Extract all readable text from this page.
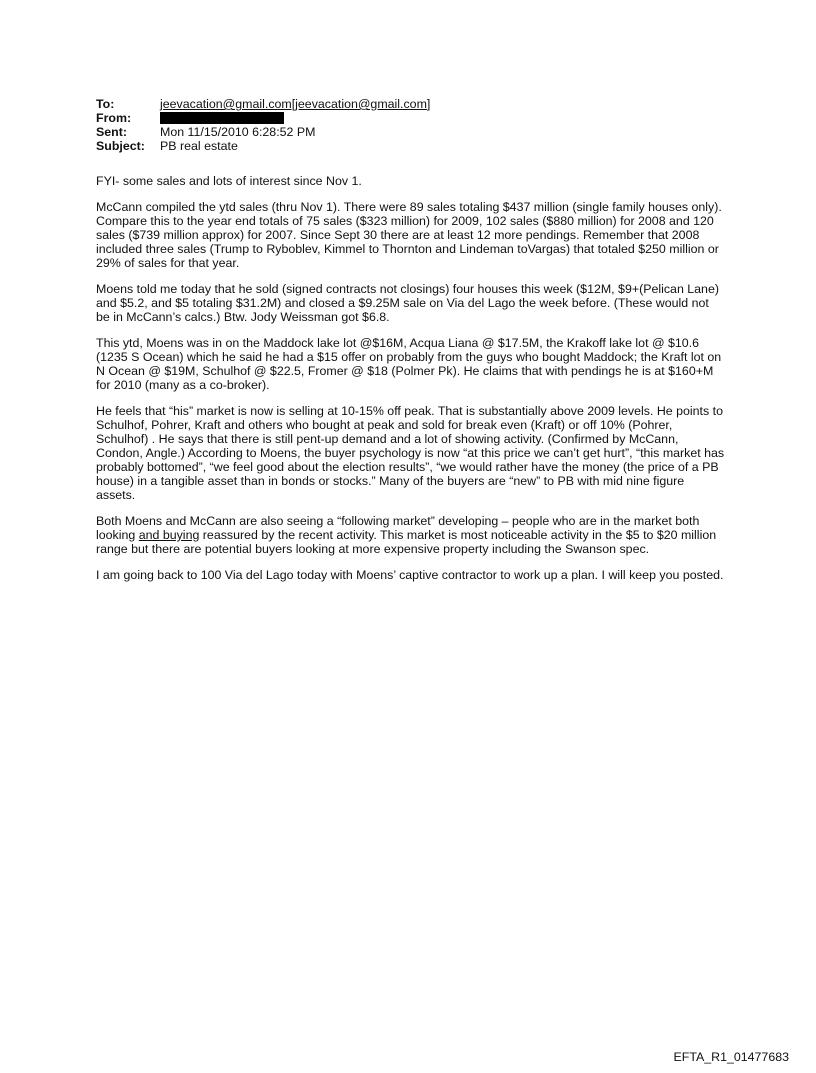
To:	jeevacation@gmail.com[jeevacation@gmail.com]
From:
Sent:	Mon 11/15/2010 6:28:52 PM
Subject:	PB real estate

FYI- some sales and lots of interest since Nov 1.

McCann compiled the ytd sales (thru Nov 1). There were 89 sales totaling $437 million (single family houses only). Compare this to the year end totals of 75 sales ($323 million) for 2009, 102 sales ($880 million) for 2008 and 120 sales ($739 million approx) for 2007. Since Sept 30 there are at least 12 more pendings. Remember that 2008 included three sales (Trump to Ryboblev, Kimmel to Thornton and Lindeman toVargas) that totaled $250 million or 29% of sales for that year.

Moens told me today that he sold (signed contracts not closings) four houses this week ($12M, $9+(Pelican Lane) and $5.2, and $5 totaling $31.2M) and closed a $9.25M sale on Via del Lago the week before. (These would not be in McCann’s calcs.) Btw. Jody Weissman got $6.8.

This ytd, Moens was in on the Maddock lake lot @$16M, Acqua Liana @ $17.5M, the Krakoff lake lot @ $10.6 (1235 S Ocean) which he said he had a $15 offer on probably from the guys who bought Maddock; the Kraft lot on N Ocean @ $19M, Schulhof @ $22.5, Fromer @ $18 (Polmer Pk). He claims that with pendings he is at $160+M for 2010 (many as a co-broker).

He feels that “his” market is now is selling at 10-15% off peak. That is substantially above 2009 levels. He points to Schulhof, Pohrer, Kraft and others who bought at peak and sold for break even (Kraft) or off 10% (Pohrer, Schulhof) . He says that there is still pent-up demand and a lot of showing activity. (Confirmed by McCann, Condon, Angle.) According to Moens, the buyer psychology is now “at this price we can’t get hurt”, “this market has probably bottomed”, “we feel good about the election results”, “we would rather have the money (the price of a PB house) in a tangible asset than in bonds or stocks.” Many of the buyers are “new” to PB with mid nine figure assets.

Both Moens and McCann are also seeing a “following market” developing – people who are in the market both looking and buying reassured by the recent activity. This market is most noticeable activity in the $5 to $20 million range but there are potential buyers looking at more expensive property including the Swanson spec.

I am going back to 100 Via del Lago today with Moens’ captive contractor to work up a plan. I will keep you posted.

EFTA_R1_01477683
